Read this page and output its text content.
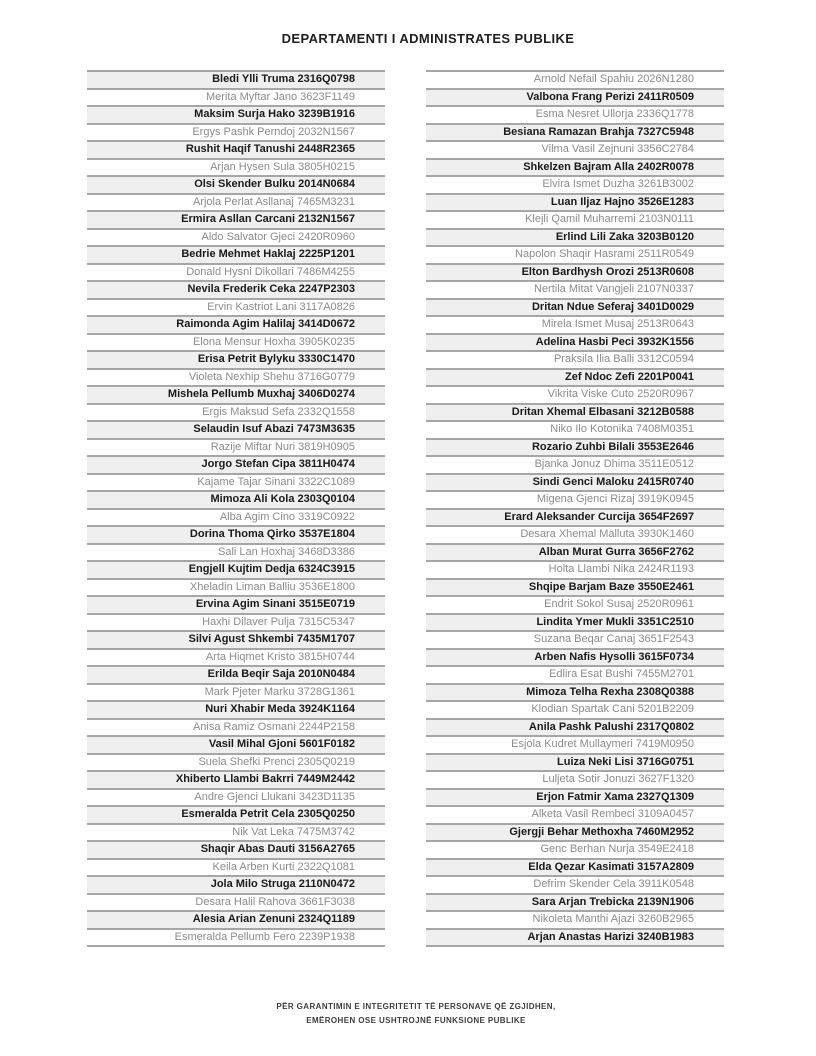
DEPARTAMENTI I ADMINISTRATES PUBLIKE
Bledi Ylli Truma 2316Q0798
Merita Myftar Jano 3623F1149
Maksim Surja Hako 3239B1916
Ergys Pashk Perndoj 2032N1567
Rushit Haqif Tanushi 2448R2365
Arjan Hysen Sula 3805H0215
Olsi Skender Bulku 2014N0684
Arjola Perlat Asllanaj 7465M3231
Ermira Asllan Carcani 2132N1567
Aldo Salvator Gjeci 2420R0960
Bedrie Mehmet Haklaj 2225P1201
Donald Hysni Dikollari 7486M4255
Nevila Frederik Ceka 2247P2303
Ervin Kastriot Lani 3117A0826
Raimonda Agim Halilaj 3414D0672
Elona Mensur Hoxha 3905K0235
Erisa Petrit Bylyku 3330C1470
Violeta Nexhip Shehu 3716G0779
Mishela Pellumb Muxhaj 3406D0274
Ergis Maksud Sefa 2332Q1558
Selaudin Isuf Abazi 7473M3635
Razije Miftar Nuri 3819H0905
Jorgo Stefan Cipa 3811H0474
Kajame Tajar Sinani 3322C1089
Mimoza Ali Kola 2303Q0104
Alba Agim Cino 3319C0922
Dorina Thoma Qirko 3537E1804
Sali Lan Hoxhaj 3468D3386
Engjell Kujtim Dedja 6324C3915
Xheladin Liman Balliu 3536E1800
Ervina Agim Sinani 3515E0719
Haxhi Dilaver Pulja 7315C5347
Silvi Agust Shkembi 7435M1707
Arta Hiqmet Kristo 3815H0744
Erilda Beqir Saja 2010N0484
Mark Pjeter Marku 3728G1361
Nuri Xhabir Meda 3924K1164
Anisa Ramiz Osmani 2244P2158
Vasil Mihal Gjoni 5601F0182
Suela Shefki Prenci 2305Q0219
Xhiberto Llambi Bakrri 7449M2442
Andre Gjenci Llukani 3423D1135
Esmeralda Petrit Cela 2305Q0250
Nik Vat Leka 7475M3742
Shaqir Abas Dauti 3156A2765
Keila Arben Kurti 2322Q1081
Jola Milo Struga 2110N0472
Desara Halil Rahova 3661F3038
Alesia Arian Zenuni 2324Q1189
Esmeralda Pellumb Fero 2239P1938
Arnold Nefail Spahiu 2026N1280
Valbona Frang Perizi 2411R0509
Esma Nesret Ullorja 2336Q1778
Besiana Ramazan Brahja 7327C5948
Vilma Vasil Zejnuni 3356C2784
Shkelzen Bajram Alla 2402R0078
Elvira Ismet Duzha 3261B3002
Luan Iljaz Hajno 3526E1283
Klejli Qamil Muharremi 2103N0111
Erlind Lili Zaka 3203B0120
Napolon Shaqir Hasrami 2511R0549
Elton Bardhysh Orozi 2513R0608
Nertila Mitat Vangjeli 2107N0337
Dritan Ndue Seferaj 3401D0029
Mirela Ismet Musaj 2513R0643
Adelina Hasbi Peci 3932K1556
Praksila Ilia Balli 3312C0594
Zef Ndoc Zefi 2201P0041
Vikrita Viske Cuto 2520R0967
Dritan Xhemal Elbasani 3212B0588
Niko Ilo Kotonika 7408M0351
Rozario Zuhbi Bilali 3553E2646
Bjanka Jonuz Dhima 3511E0512
Sindi Genci Maloku 2415R0740
Migena Gjenci Rizaj 3919K0945
Erard Aleksander Curcija 3654F2697
Desara Xhemal Malluta 3930K1460
Alban Murat Gurra 3656F2762
Holta Llambi Nika 2424R1193
Shqipe Barjam Baze 3550E2461
Endrit Sokol Susaj 2520R0961
Lindita Ymer Mukli 3351C2510
Suzana Beqar Canaj 3651F2543
Arben Nafis Hysolli 3615F0734
Edlira Esat Bushi 7455M2701
Mimoza Telha Rexha 2308Q0388
Klodian Spartak Cani 5201B2209
Anila Pashk Palushi 2317Q0802
Esjola Kudret Mullaymeri 7419M0950
Luiza Neki Lisi 3716G0751
Luljeta Sotir Jonuzi 3627F1320
Erjon Fatmir Xama 2327Q1309
Alketa Vasil Rembeci 3109A0457
Gjergji Behar Methoxha 7460M2952
Genc Berhan Nurja 3549E2418
Elda Qezar Kasimati 3157A2809
Defrim Skender Cela 3911K0548
Sara Arjan Trebicka 2139N1906
Nikoleta Manthi Ajazi 3260B2965
Arjan Anastas Harizi 3240B1983
PËR GARANTIMIN E INTEGRITETIT TË PERSONAVE QË ZGJIDHEN,
EMËROHEN OSE USHTROJNË FUNKSIONE PUBLIKE
